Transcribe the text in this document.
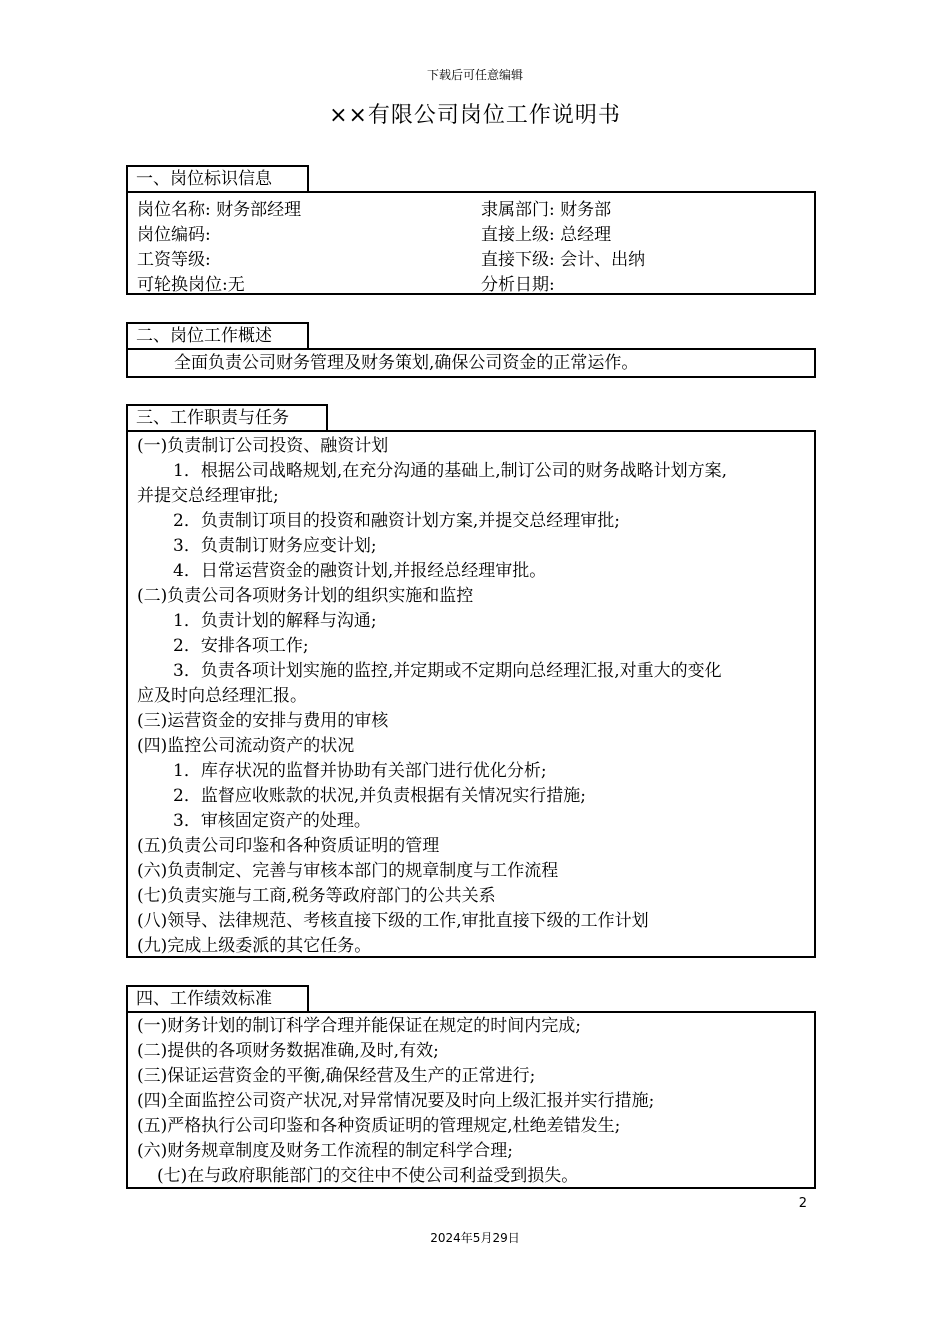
下载后可任意编辑
××有限公司岗位工作说明书
一、岗位标识信息
岗位名称: 财务部经理	隶属部门: 财务部
岗位编码:	直接上级: 总经理
工资等级:	直接下级: 会计、出纳
可轮换岗位:无	分析日期:
二、岗位工作概述
全面负责公司财务管理及财务策划,确保公司资金的正常运作。
三、工作职责与任务
(一)负责制订公司投资、融资计划
1．根据公司战略规划,在充分沟通的基础上,制订公司的财务战略计划方案,
并提交总经理审批;
2．负责制订项目的投资和融资计划方案,并提交总经理审批;
3．负责制订财务应变计划;
4．日常运营资金的融资计划,并报经总经理审批。
(二)负责公司各项财务计划的组织实施和监控
1．负责计划的解释与沟通;
2．安排各项工作;
3．负责各项计划实施的监控,并定期或不定期向总经理汇报,对重大的变化
应及时向总经理汇报。
(三)运营资金的安排与费用的审核
(四)监控公司流动资产的状况
1．库存状况的监督并协助有关部门进行优化分析;
2．监督应收账款的状况,并负责根据有关情况实行措施;
3．审核固定资产的处理。
(五)负责公司印鉴和各种资质证明的管理
(六)负责制定、完善与审核本部门的规章制度与工作流程
(七)负责实施与工商,税务等政府部门的公共关系
(八)领导、法律规范、考核直接下级的工作,审批直接下级的工作计划
(九)完成上级委派的其它任务。
四、工作绩效标准
(一)财务计划的制订科学合理并能保证在规定的时间内完成;
(二)提供的各项财务数据准确,及时,有效;
(三)保证运营资金的平衡,确保经营及生产的正常进行;
(四)全面监控公司资产状况,对异常情况要及时向上级汇报并实行措施;
(五)严格执行公司印鉴和各种资质证明的管理规定,杜绝差错发生;
(六)财务规章制度及财务工作流程的制定科学合理;
(七)在与政府职能部门的交往中不使公司利益受到损失。
2
2024年5月29日
